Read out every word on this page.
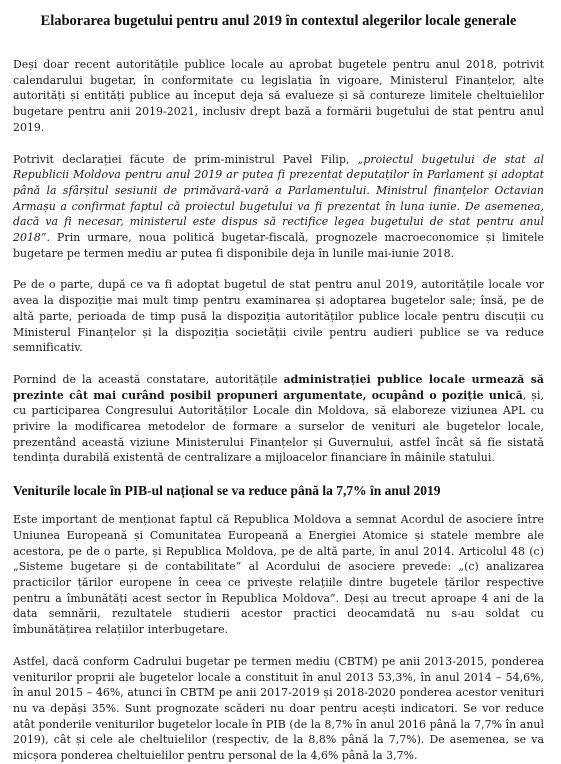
Elaborarea bugetului pentru anul 2019 în contextul alegerilor locale generale

Deși doar recent autoritățile publice locale au aprobat bugetele pentru anul 2018, potrivit calendarului bugetar, în conformitate cu legislația în vigoare, Ministerul Finanțelor, alte autorități și entități publice au început deja să evalueze și să contureze limitele cheltuielilor bugetare pentru anii 2019-2021, inclusiv drept bază a formării bugetului de stat pentru anul 2019.

Potrivit declarației făcute de prim-ministrul Pavel Filip, „proiectul bugetului de stat al Republicii Moldova pentru anul 2019 ar putea fi prezentat deputaților în Parlament și adoptat până la sfârșitul sesiunii de primăvară-vară a Parlamentului. Ministrul finanțelor Octavian Armașu a confirmat faptul că proiectul bugetului va fi prezentat în luna iunie. De asemenea, dacă va fi necesar, ministerul este dispus să rectifice legea bugetului de stat pentru anul 2018”. Prin urmare, noua politică bugetar-fiscală, prognozele macroeconomice și limitele bugetare pe termen mediu ar putea fi disponibile deja în lunile mai-iunie 2018.

Pe de o parte, după ce va fi adoptat bugetul de stat pentru anul 2019, autoritățile locale vor avea la dispoziție mai mult timp pentru examinarea și adoptarea bugetelor sale; însă, pe de altă parte, perioada de timp pusă la dispoziția autorităților publice locale pentru discuții cu Ministerul Finanțelor și la dispoziția societății civile pentru audieri publice se va reduce semnificativ.

Pornind de la această constatare, autoritățile administrației publice locale urmează să prezinte cât mai curând posibil propuneri argumentate, ocupând o poziție unică, și, cu participarea Congresului Autorităților Locale din Moldova, să elaboreze viziunea APL cu privire la modificarea metodelor de formare a surselor de venituri ale bugetelor locale, prezentând această viziune Ministerului Finanțelor și Guvernului, astfel încât să fie sistată tendința durabilă existentă de centralizare a mijloacelor financiare în mâinile statului.

Veniturile locale în PIB-ul național se va reduce până la 7,7% în anul 2019

Este important de menționat faptul că Republica Moldova a semnat Acordul de asociere între Uniunea Europeană și Comunitatea Europeană a Energiei Atomice și statele membre ale acestora, pe de o parte, și Republica Moldova, pe de altă parte, în anul 2014. Articolul 48 (c) „Sisteme bugetare și de contabilitate” al Acordului de asociere prevede: „(c) analizarea practicilor țărilor europene în ceea ce privește relațiile dintre bugetele țărilor respective pentru a îmbunătăți acest sector în Republica Moldova”. Deși au trecut aproape 4 ani de la data semnării, rezultatele studierii acestor practici deocamdată nu s-au soldat cu îmbunătățirea relațiilor interbugetare.

Astfel, dacă conform Cadrului bugetar pe termen mediu (CBTM) pe anii 2013-2015, ponderea veniturilor proprii ale bugetelor locale a constituit în anul 2013 53,3%, în anul 2014 – 54,6%, în anul 2015 – 46%, atunci în CBTM pe anii 2017-2019 și 2018-2020 ponderea acestor venituri nu va depăși 35%. Sunt prognozate scăderi nu doar pentru acești indicatori. Se vor reduce atât ponderile veniturilor bugetelor locale în PIB (de la 8,7% în anul 2016 până la 7,7% în anul 2019), cât și cele ale cheltuielilor (respectiv, de la 8,8% până la 7,7%). De asemenea, se va micșora ponderea cheltuielilor pentru personal de la 4,6% până la 3,7%.
